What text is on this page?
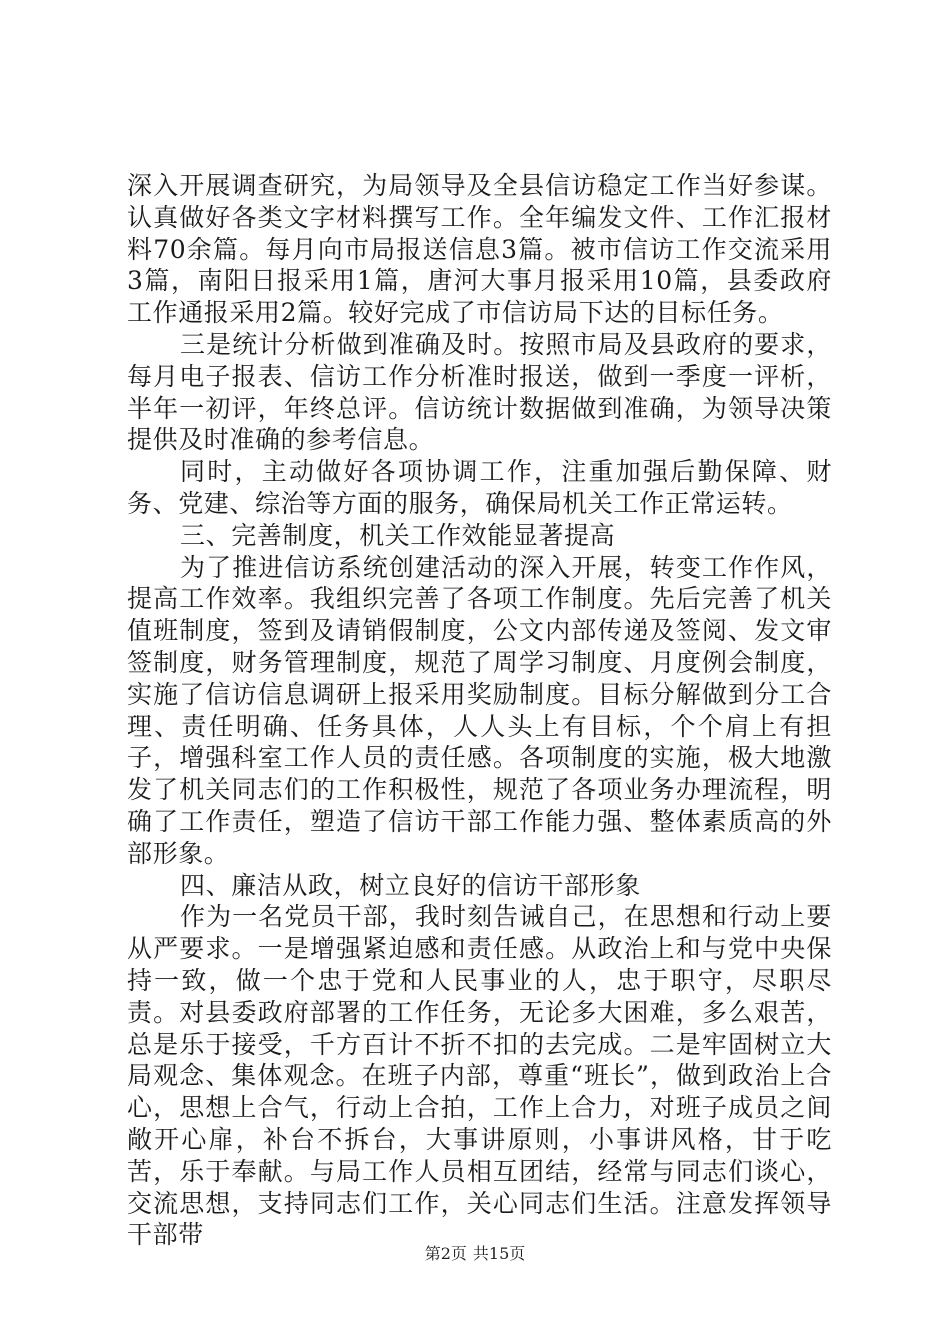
深入开展调查研究，为局领导及全县信访稳定工作当好参谋。认真做好各类文字材料撰写工作。全年编发文件、工作汇报材料70余篇。每月向市局报送信息3篇。被市信访工作交流采用3篇，南阳日报采用1篇，唐河大事月报采用10篇，县委政府工作通报采用2篇。较好完成了市信访局下达的目标任务。

三是统计分析做到准确及时。按照市局及县政府的要求，每月电子报表、信访工作分析准时报送，做到一季度一评析，半年一初评，年终总评。信访统计数据做到准确，为领导决策提供及时准确的参考信息。

同时，主动做好各项协调工作，注重加强后勤保障、财务、党建、综治等方面的服务，确保局机关工作正常运转。

三、完善制度，机关工作效能显著提高

为了推进信访系统创建活动的深入开展，转变工作作风，提高工作效率。我组织完善了各项工作制度。先后完善了机关值班制度，签到及请销假制度，公文内部传递及签阅、发文审签制度，财务管理制度，规范了周学习制度、月度例会制度，实施了信访信息调研上报采用奖励制度。目标分解做到分工合理、责任明确、任务具体，人人头上有目标，个个肩上有担子，增强科室工作人员的责任感。各项制度的实施，极大地激发了机关同志们的工作积极性，规范了各项业务办理流程，明确了工作责任，塑造了信访干部工作能力强、整体素质高的外部形象。

四、廉洁从政，树立良好的信访干部形象

作为一名党员干部，我时刻告诫自己，在思想和行动上要从严要求。一是增强紧迫感和责任感。从政治上和与党中央保持一致，做一个忠于党和人民事业的人，忠于职守，尽职尽责。对县委政府部署的工作任务，无论多大困难，多么艰苦，总是乐于接受，千方百计不折不扣的去完成。二是牢固树立大局观念、集体观念。在班子内部，尊重“班长”，做到政治上合心，思想上合气，行动上合拍，工作上合力，对班子成员之间敞开心扉，补台不拆台，大事讲原则，小事讲风格，甘于吃苦，乐于奉献。与局工作人员相互团结，经常与同志们谈心，交流思想，支持同志们工作，关心同志们生活。注意发挥领导干部带

第2页 共15页
